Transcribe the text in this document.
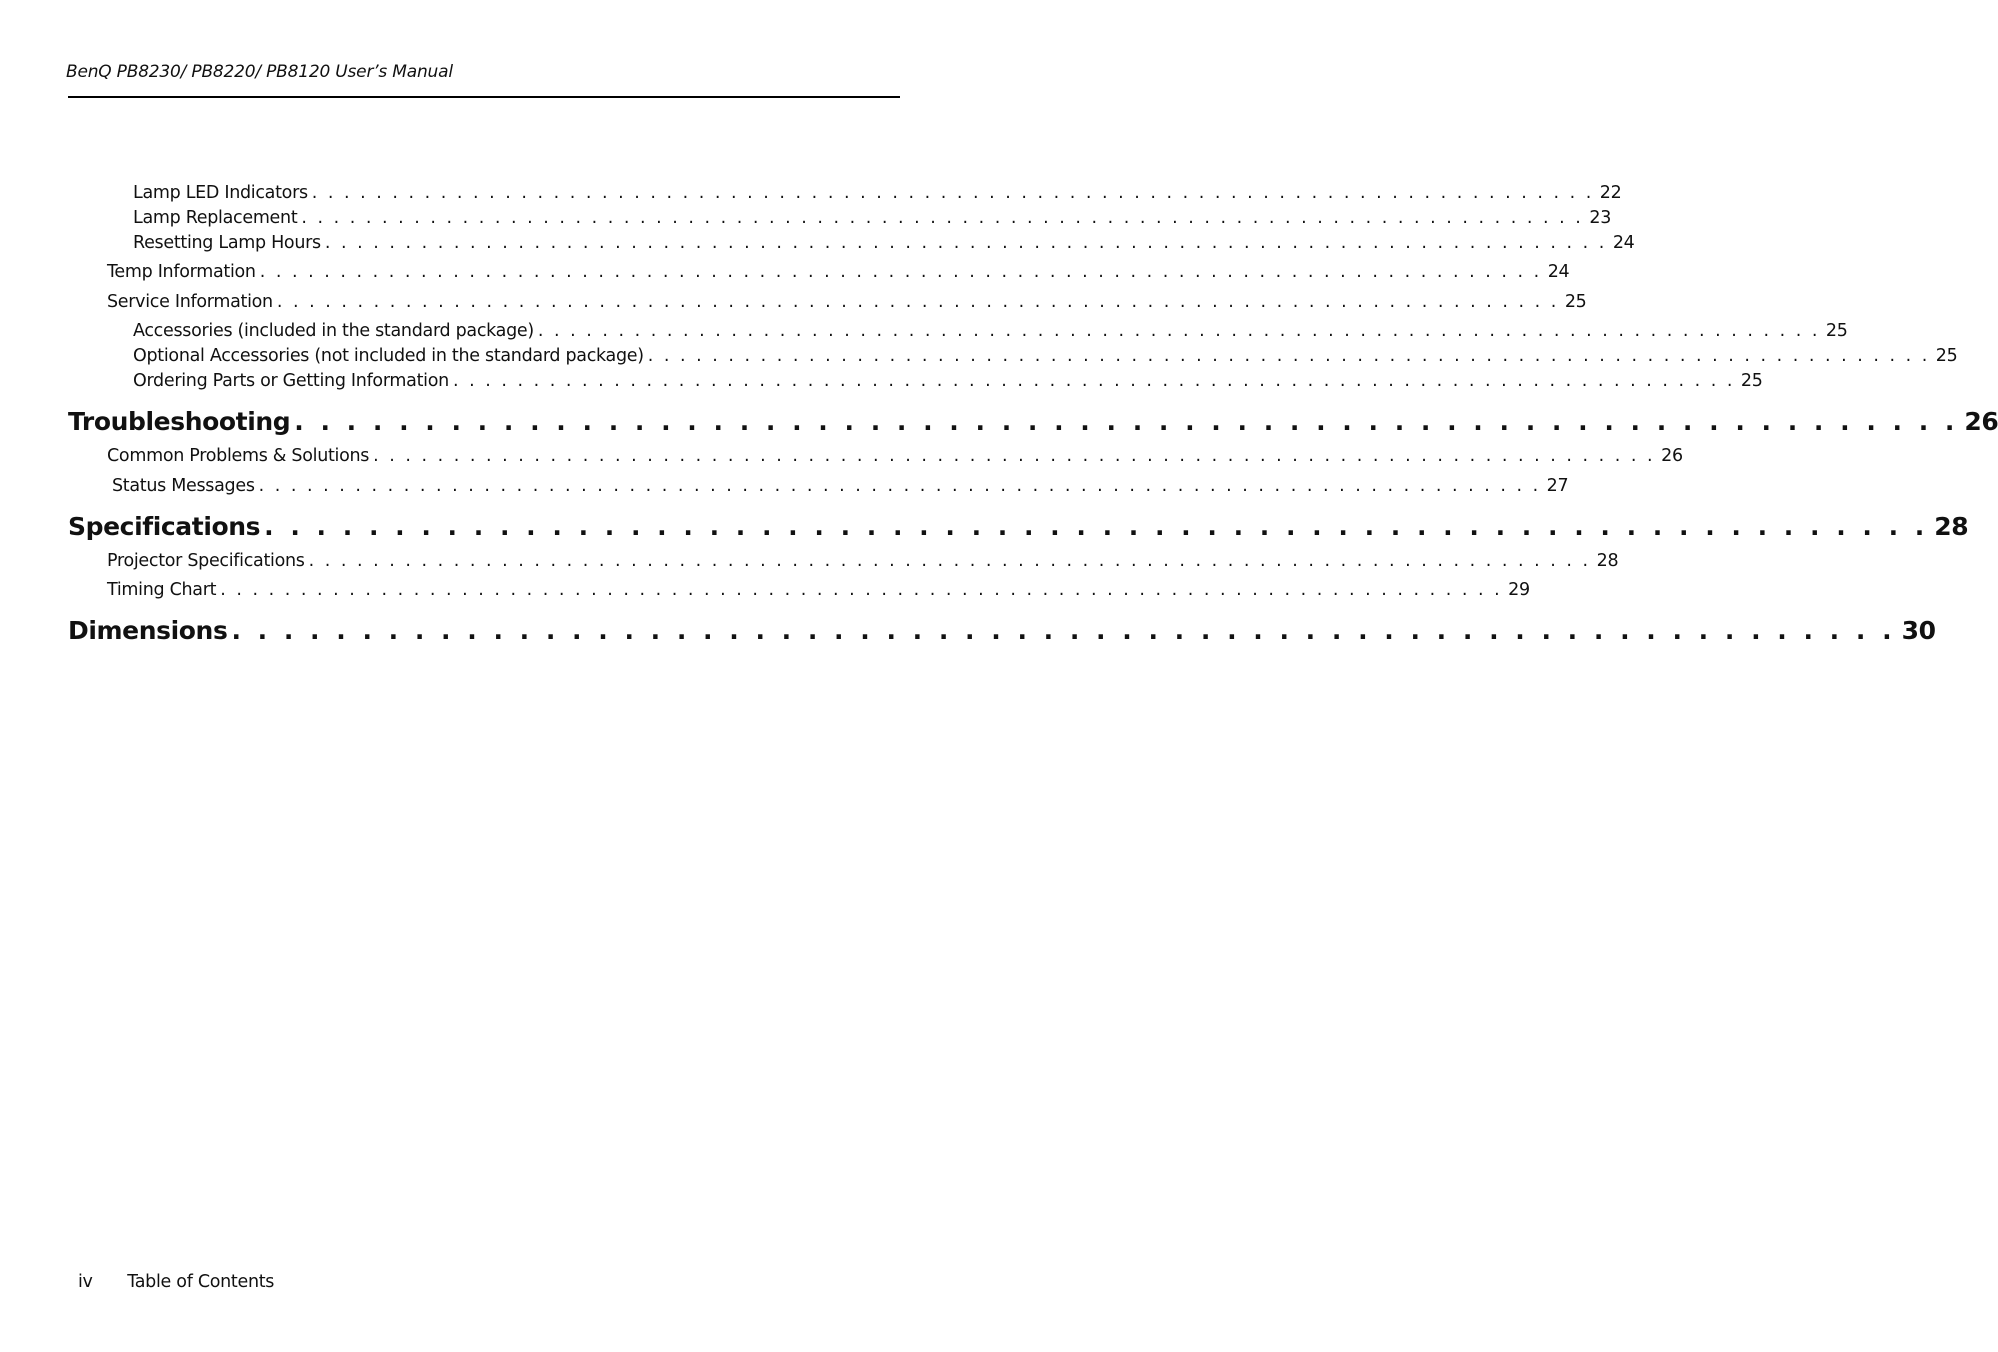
BenQ PB8230/ PB8220/ PB8120 User’s Manual
Lamp LED Indicators . . . . . . . . . . . . . . . . . . . . . . . . . . . . . . . . . . . . . . . . . . . . . . . . . . . . . . . . . . . . . . . . . . . . . . . . . . . . . . . . 22
Lamp Replacement . . . . . . . . . . . . . . . . . . . . . . . . . . . . . . . . . . . . . . . . . . . . . . . . . . . . . . . . . . . . . . . . . . . . . . . . . . . . . . . . 23
Resetting Lamp Hours . . . . . . . . . . . . . . . . . . . . . . . . . . . . . . . . . . . . . . . . . . . . . . . . . . . . . . . . . . . . . . . . . . . . . . . . . . . . . . . . 24
Temp Information . . . . . . . . . . . . . . . . . . . . . . . . . . . . . . . . . . . . . . . . . . . . . . . . . . . . . . . . . . . . . . . . . . . . . . . . . . . . . . . . 24
Service Information . . . . . . . . . . . . . . . . . . . . . . . . . . . . . . . . . . . . . . . . . . . . . . . . . . . . . . . . . . . . . . . . . . . . . . . . . . . . . . . . 25
Accessories (included in the standard package) . . . . . . . . . . . . . . . . . . . . . . . . . . . . . . . . . . . . . . . . . . . . . . . . . . . . . . . . . . . . . . . . . . . . . . . . . . . . . . . . 25
Optional Accessories (not included in the standard package) . . . . . . . . . . . . . . . . . . . . . . . . . . . . . . . . . . . . . . . . . . . . . . . . . . . . . . . . . . . . . . . . . . . . . . . . . . . . . . . . 25
Ordering Parts or Getting Information . . . . . . . . . . . . . . . . . . . . . . . . . . . . . . . . . . . . . . . . . . . . . . . . . . . . . . . . . . . . . . . . . . . . . . . . . . . . . . . . 25
Troubleshooting . . . . . . . . . . . . . . . . . . . . . . . . . . . . . . . . . . . . . . . . . . . . . . . . . . . . . . . . . . . . . . . . 26
Common Problems & Solutions . . . . . . . . . . . . . . . . . . . . . . . . . . . . . . . . . . . . . . . . . . . . . . . . . . . . . . . . . . . . . . . . . . . . . . . . . . . . . . . . 26
Status Messages . . . . . . . . . . . . . . . . . . . . . . . . . . . . . . . . . . . . . . . . . . . . . . . . . . . . . . . . . . . . . . . . . . . . . . . . . . . . . . . . 27
Specifications . . . . . . . . . . . . . . . . . . . . . . . . . . . . . . . . . . . . . . . . . . . . . . . . . . . . . . . . . . . . . . . . 28
Projector Specifications . . . . . . . . . . . . . . . . . . . . . . . . . . . . . . . . . . . . . . . . . . . . . . . . . . . . . . . . . . . . . . . . . . . . . . . . . . . . . . . . 28
Timing Chart . . . . . . . . . . . . . . . . . . . . . . . . . . . . . . . . . . . . . . . . . . . . . . . . . . . . . . . . . . . . . . . . . . . . . . . . . . . . . . . . 29
Dimensions . . . . . . . . . . . . . . . . . . . . . . . . . . . . . . . . . . . . . . . . . . . . . . . . . . . . . . . . . . . . . . . . 30
iv Table of Contents
